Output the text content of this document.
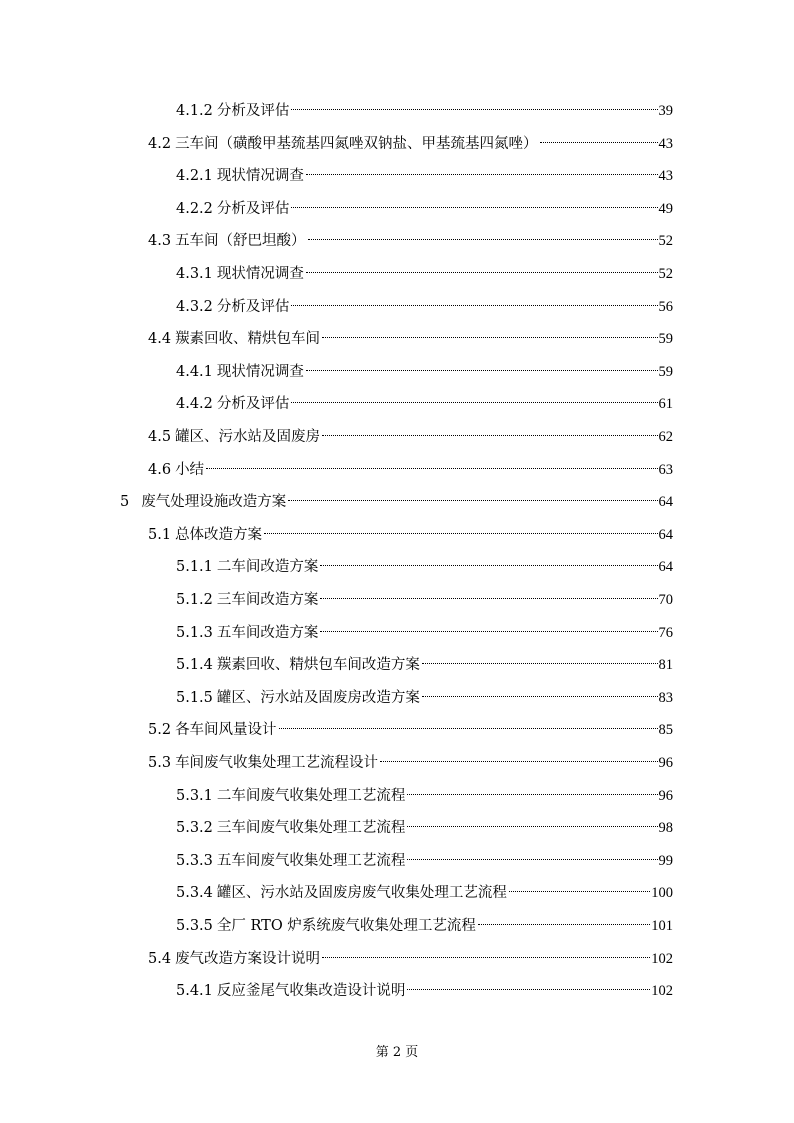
4.1.2 分析及评估	39
4.2 三车间（磺酸甲基巯基四氮唑双钠盐、甲基巯基四氮唑）	43
4.2.1 现状情况调查	43
4.2.2 分析及评估	49
4.3 五车间（舒巴坦酸）	52
4.3.1 现状情况调查	52
4.3.2 分析及评估	56
4.4 羰素回收、精烘包车间	59
4.4.1 现状情况调查	59
4.4.2 分析及评估	61
4.5 罐区、污水站及固废房	62
4.6 小结	63
5 废气处理设施改造方案	64
5.1 总体改造方案	64
5.1.1 二车间改造方案	64
5.1.2 三车间改造方案	70
5.1.3 五车间改造方案	76
5.1.4 羰素回收、精烘包车间改造方案	81
5.1.5 罐区、污水站及固废房改造方案	83
5.2 各车间风量设计	85
5.3 车间废气收集处理工艺流程设计	96
5.3.1 二车间废气收集处理工艺流程	96
5.3.2 三车间废气收集处理工艺流程	98
5.3.3 五车间废气收集处理工艺流程	99
5.3.4 罐区、污水站及固废房废气收集处理工艺流程	100
5.3.5 全厂 RTO 炉系统废气收集处理工艺流程	101
5.4 废气改造方案设计说明	102
5.4.1 反应釜尾气收集改造设计说明	102
第 2 页
